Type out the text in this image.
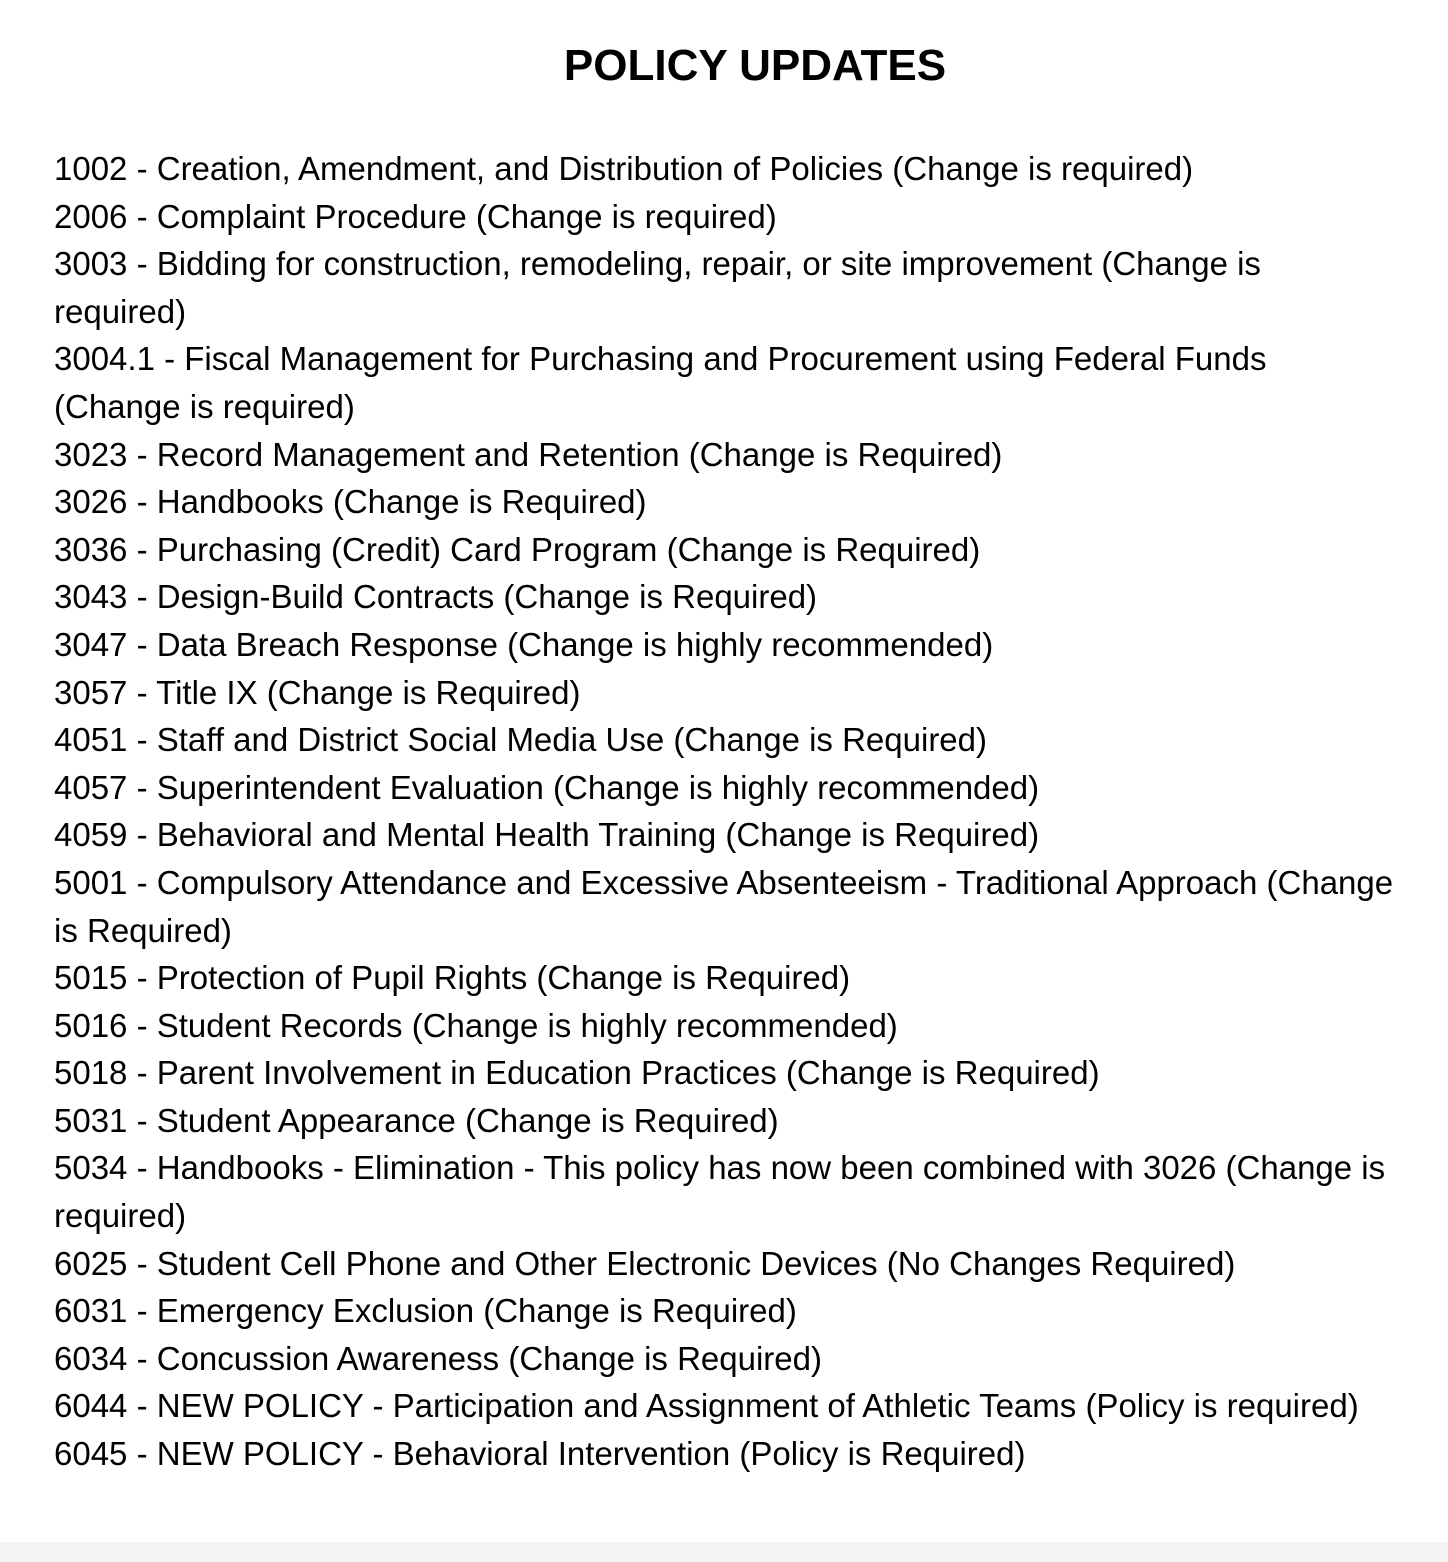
POLICY UPDATES
1002 - Creation, Amendment, and Distribution of Policies (Change is required)
2006 - Complaint Procedure (Change is required)
3003 - Bidding for construction, remodeling, repair, or site improvement (Change is required)
3004.1 - Fiscal Management for Purchasing and Procurement using Federal Funds (Change is required)
3023 - Record Management and Retention (Change is Required)
3026 - Handbooks (Change is Required)
3036 - Purchasing (Credit) Card Program (Change is Required)
3043 - Design-Build Contracts (Change is Required)
3047 - Data Breach Response (Change is highly recommended)
3057 - Title IX (Change is Required)
4051 - Staff and District Social Media Use (Change is Required)
4057 - Superintendent Evaluation (Change is highly recommended)
4059 - Behavioral and Mental Health Training (Change is Required)
5001 - Compulsory Attendance and Excessive Absenteeism - Traditional Approach (Change is Required)
5015 - Protection of Pupil Rights (Change is Required)
5016 - Student Records (Change is highly recommended)
5018 - Parent Involvement in Education Practices (Change is Required)
5031 - Student Appearance (Change is Required)
5034 - Handbooks - Elimination - This policy has now been combined with 3026 (Change is required)
6025 - Student Cell Phone and Other Electronic Devices (No Changes Required)
6031 - Emergency Exclusion (Change is Required)
6034 - Concussion Awareness (Change is Required)
6044 - NEW POLICY - Participation and Assignment of Athletic Teams (Policy is required)
6045 - NEW POLICY - Behavioral Intervention (Policy is Required)
